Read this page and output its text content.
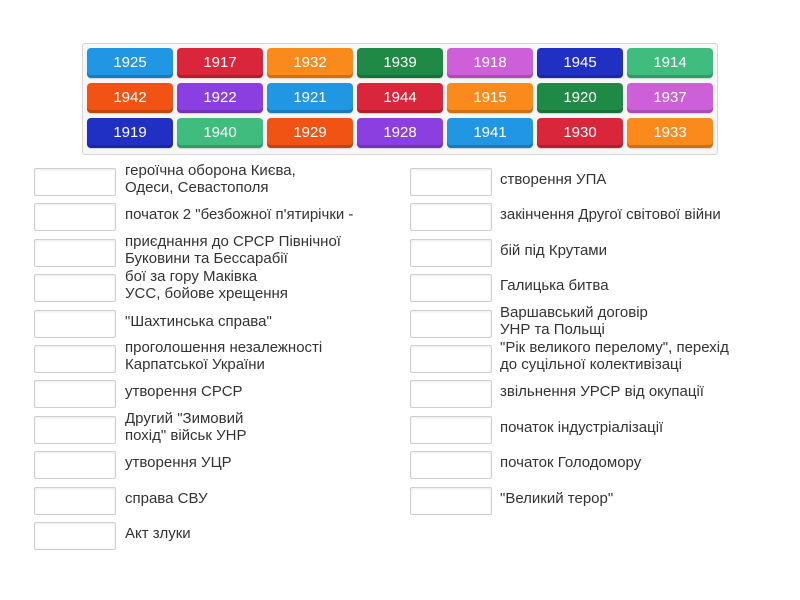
1925	1917	1932	1939	1918	1945	1914
1942	1922	1921	1944	1915	1920	1937
1919	1940	1929	1928	1941	1930	1933
героїчна оборона Києва,
Одеси, Севастополя
початок 2 "безбожної п'ятирічки -
приєднання до СРСР Північної
Буковини та Бессарабії
бої за гору Маківка
УСС, бойове хрещення
"Шахтинська справа"
проголошення незалежності
Карпатської України
утворення СРСР
Другий "Зимовий
похід" військ УНР
утворення УЦР
справа СВУ
Акт злуки
створення УПА
закінчення Другої світової війни
бій під Крутами
Галицька битва
Варшавський договір
УНР та Польщі
"Рік великого перелому", перехід
до суцільної колективізаці
звільнення УРСР від окупації
початок індустріалізації
початок Голодомору
"Великий терор"
